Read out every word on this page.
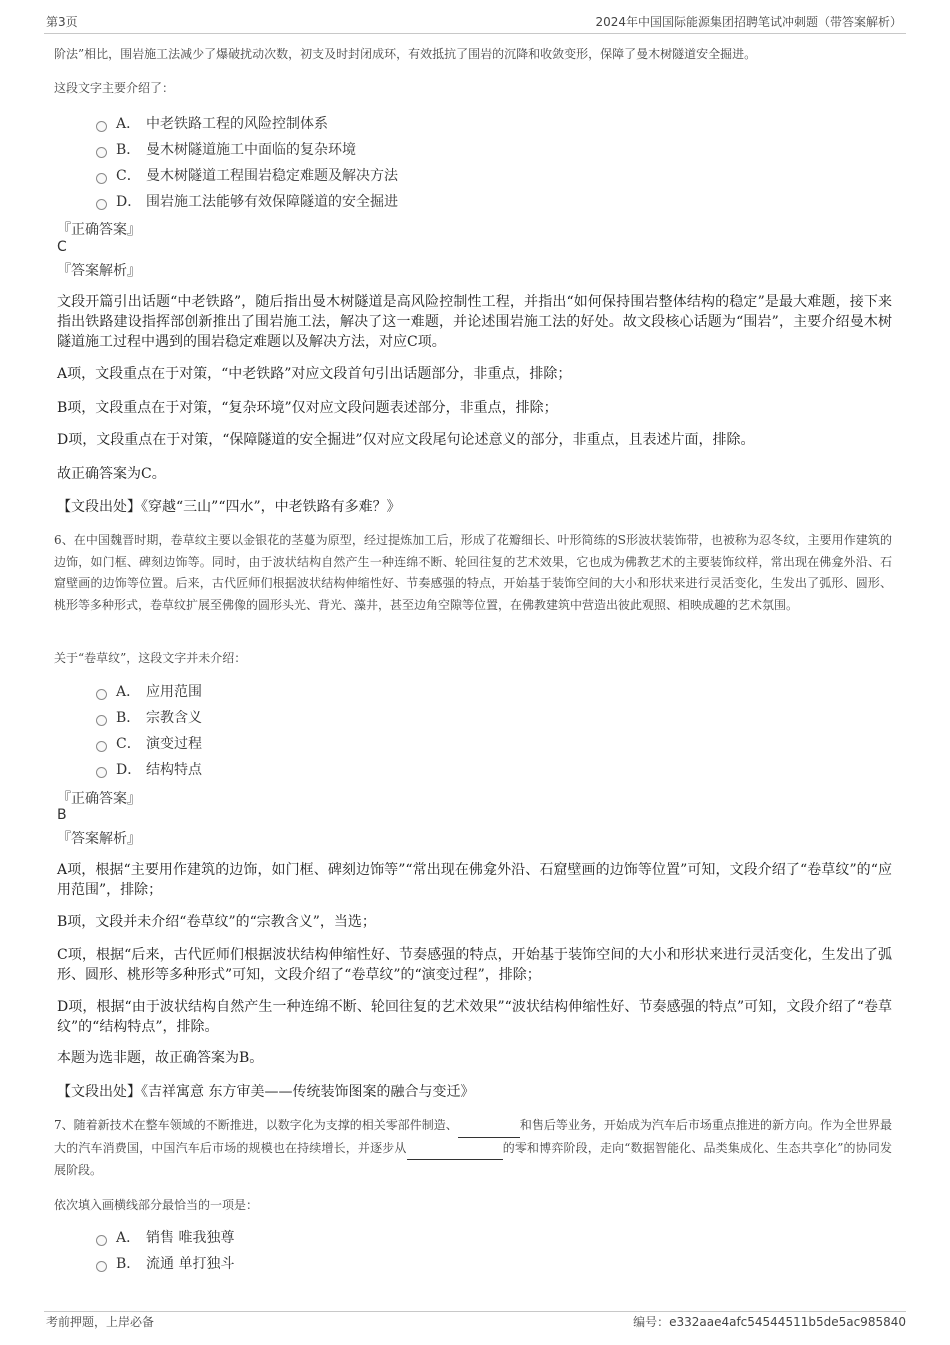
第3页	2024年中国国际能源集团招聘笔试冲刺题（带答案解析）

阶法”相比，围岩施工法减少了爆破扰动次数，初支及时封闭成环，有效抵抗了围岩的沉降和收敛变形，保障了曼木树隧道安全掘进。

这段文字主要介绍了：

A． 中老铁路工程的风险控制体系
B． 曼木树隧道施工中面临的复杂环境
C． 曼木树隧道工程围岩稳定难题及解决方法
D． 围岩施工法能够有效保障隧道的安全掘进
『正确答案』
C
『答案解析』

文段开篇引出话题“中老铁路”，随后指出曼木树隧道是高风险控制性工程，并指出“如何保持围岩整体结构的稳定”是最大难题，接下来指出铁路建设指挥部创新推出了围岩施工法，解决了这一难题，并论述围岩施工法的好处。故文段核心话题为“围岩”，主要介绍曼木树隧道施工过程中遇到的围岩稳定难题以及解决方法，对应C项。

A项，文段重点在于对策，“中老铁路”对应文段首句引出话题部分，非重点，排除；

B项，文段重点在于对策，“复杂环境”仅对应文段问题表述部分，非重点，排除；

D项，文段重点在于对策，“保障隧道的安全掘进”仅对应文段尾句论述意义的部分，非重点，且表述片面，排除。

故正确答案为C。

【文段出处】《穿越“三山”“四水”，中老铁路有多难？》

6、在中国魏晋时期，卷草纹主要以金银花的茎蔓为原型，经过提炼加工后，形成了花瓣细长、叶形简练的S形波状装饰带，也被称为忍冬纹，主要用作建筑的边饰，如门框、碑刻边饰等。同时，由于波状结构自然产生一种连绵不断、轮回往复的艺术效果，它也成为佛教艺术的主要装饰纹样，常出现在佛龛外沿、石窟壁画的边饰等位置。后来，古代匠师们根据波状结构伸缩性好、节奏感强的特点，开始基于装饰空间的大小和形状来进行灵活变化，生发出了弧形、圆形、桃形等多种形式，卷草纹扩展至佛像的圆形头光、背光、藻井，甚至边角空隙等位置，在佛教建筑中营造出彼此观照、相映成趣的艺术氛围。

关于“卷草纹”，这段文字并未介绍：

A． 应用范围
B． 宗教含义
C． 演变过程
D． 结构特点
『正确答案』
B
『答案解析』

A项，根据“主要用作建筑的边饰，如门框、碑刻边饰等”“常出现在佛龛外沿、石窟壁画的边饰等位置”可知，文段介绍了“卷草纹”的“应用范围”，排除；

B项，文段并未介绍“卷草纹”的“宗教含义”，当选；

C项，根据“后来，古代匠师们根据波状结构伸缩性好、节奏感强的特点，开始基于装饰空间的大小和形状来进行灵活变化，生发出了弧形、圆形、桃形等多种形式”可知，文段介绍了“卷草纹”的“演变过程”，排除；

D项，根据“由于波状结构自然产生一种连绵不断、轮回往复的艺术效果”“波状结构伸缩性好、节奏感强的特点”可知，文段介绍了“卷草纹”的“结构特点”，排除。

本题为选非题，故正确答案为B。

【文段出处】《吉祥寓意 东方审美——传统装饰图案的融合与变迁》

7、随着新技术在整车领域的不断推进，以数字化为支撑的相关零部件制造、	和售后等业务，开始成为汽车后市场重点推进的新方向。作为全世界最大的汽车消费国，中国汽车后市场的规模也在持续增长，并逐步从	的零和博弈阶段，走向“数据智能化、品类集成化、生态共享化”的协同发展阶段。

依次填入画横线部分最恰当的一项是：

A． 销售 唯我独尊
B． 流通 单打独斗
考前押题，上岸必备	编号：e332aae4afc54544511b5de5ac985840
